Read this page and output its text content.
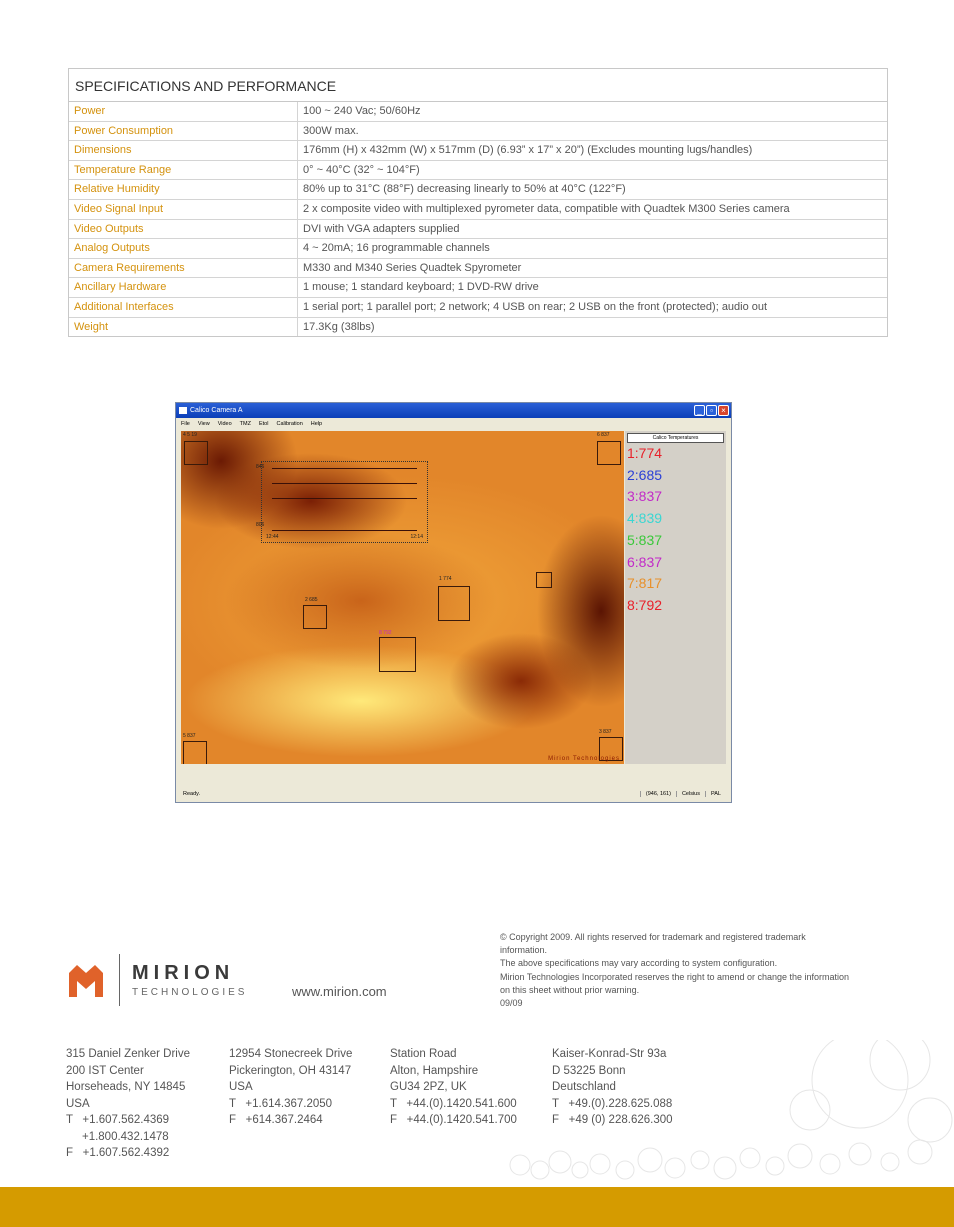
SPECIFICATIONS AND PERFORMANCE
Power	100 ~ 240 Vac; 50/60Hz
Power Consumption	300W max.
Dimensions	176mm (H) x 432mm (W) x 517mm (D) (6.93” x 17” x 20”) (Excludes mounting lugs/handles)
Temperature Range	0° ~ 40°C (32° ~ 104°F)
Relative Humidity	80% up to 31°C (88°F) decreasing linearly to 50% at 40°C (122°F)
Video Signal Input	2 x composite video with multiplexed pyrometer data, compatible with Quadtek M300 Series camera
Video Outputs	DVI with VGA adapters supplied
Analog Outputs	4 ~ 20mA; 16 programmable channels
Camera Requirements	M330 and M340 Series Quadtek Spyrometer
Ancillary Hardware	1 mouse; 1 standard keyboard; 1 DVD-RW drive
Additional Interfaces	1 serial port; 1 parallel port; 2 network; 4 USB on rear; 2 USB on the front (protected); audio out
Weight	17.3Kg (38lbs)
Calico Camera A	_	▫	×
File View Video TMZ Etol Calibration Help
4 5 19	6 837
846
806
12:44	12:14
1 774
2 685
8 792
5 837
3 837
Mirion Technologies
Calico Temperatures
1:774
2:685
3:837
4:839
5:837
6:837
7:817
8:792
Ready.	(946, 161)	Celsius	PAL
© Copyright 2009. All rights reserved for trademark and registered trademark information.
The above specifications may vary according to system configuration.
Mirion Technologies Incorporated reserves the right to amend or change the information on this sheet without prior warning.
09/09
MIRION
TECHNOLOGIES	www.mirion.com
315 Daniel Zenker Drive
200 IST Center
Horseheads, NY 14845
USA
T   +1.607.562.4369
+1.800.432.1478
F   +1.607.562.4392
12954 Stonecreek Drive
Pickerington, OH 43147
USA
T   +1.614.367.2050
F   +614.367.2464
Station Road
Alton, Hampshire
GU34 2PZ, UK
T   +44.(0).1420.541.600
F   +44.(0).1420.541.700
Kaiser-Konrad-Str 93a
D 53225 Bonn
Deutschland
T   +49.(0).228.625.088
F   +49 (0) 228.626.300
